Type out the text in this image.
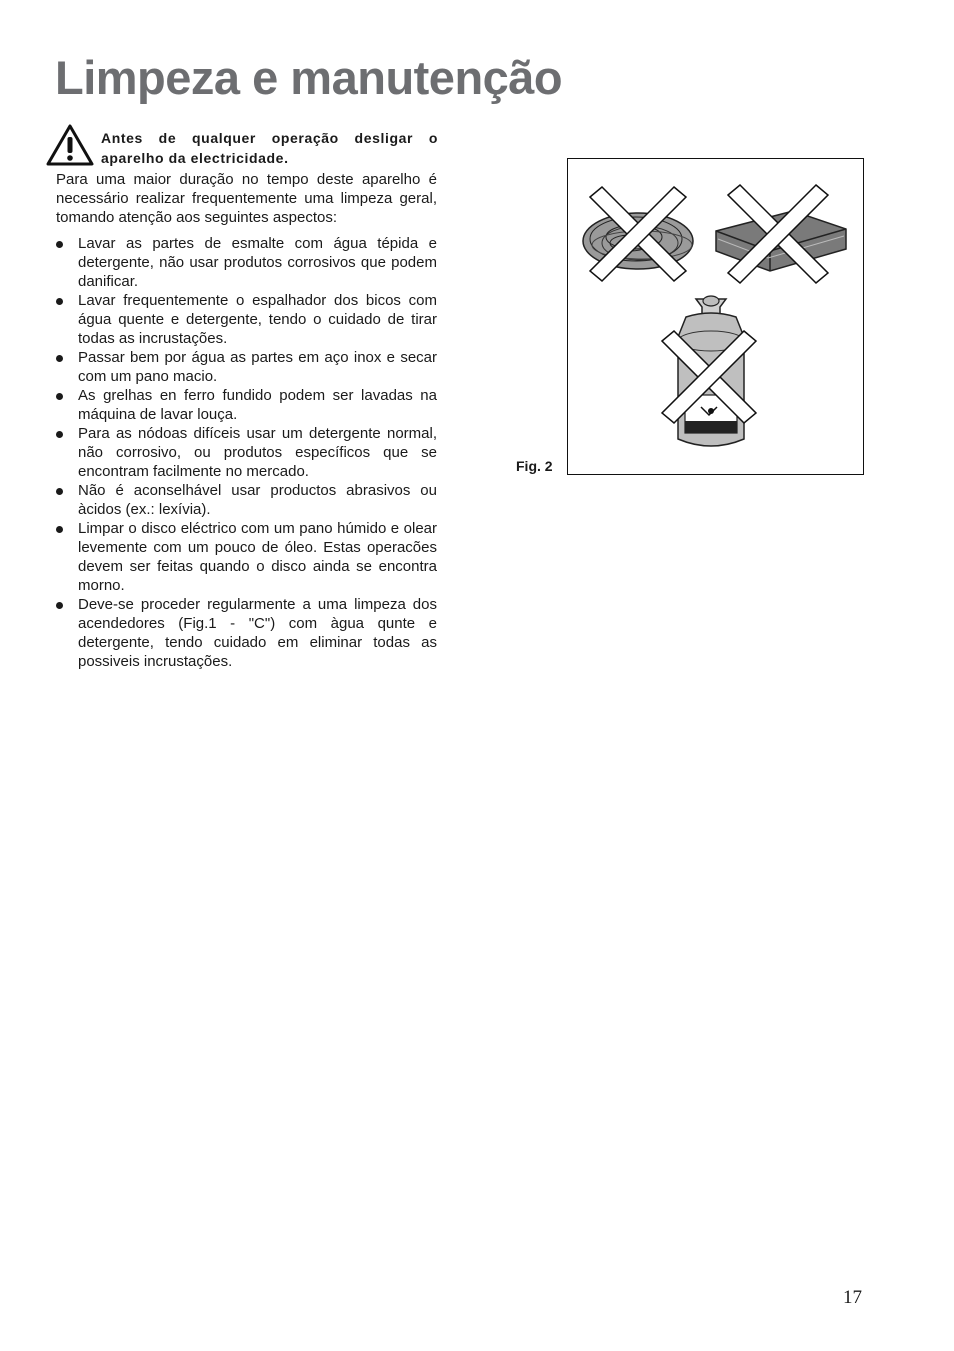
Limpeza e manutenção
Antes de qualquer operação desligar o aparelho da electricidade.

Para uma maior duração no tempo deste aparelho é necessário realizar frequentemente uma limpeza geral, tomando atenção aos seguintes aspectos:

Lavar as partes de esmalte com água tépida e detergente, não usar produtos corrosivos que podem danificar.
Lavar frequentemente o espalhador dos bicos com água quente e detergente, tendo o cuidado de tirar todas as incrustações.
Passar bem por água as partes em aço inox e secar com um pano macio.
As grelhas en ferro fundido podem ser lavadas na máquina de lavar louça.
Para as nódoas difíceis usar um detergente normal, não corrosivo, ou produtos específicos que se encontram facilmente no mercado.
Não é aconselhável usar productos abrasivos ou àcidos (ex.: lexívia).
Limpar o disco eléctrico com um pano húmido e olear levemente com um pouco de óleo. Estas operacões devem ser feitas quando o disco ainda se encontra morno.
Deve-se proceder regularmente a uma limpeza dos acendedores (Fig.1 - "C") com àgua qunte e detergente, tendo cuidado em eliminar todas as possiveis incrustações.
Fig. 2
17
